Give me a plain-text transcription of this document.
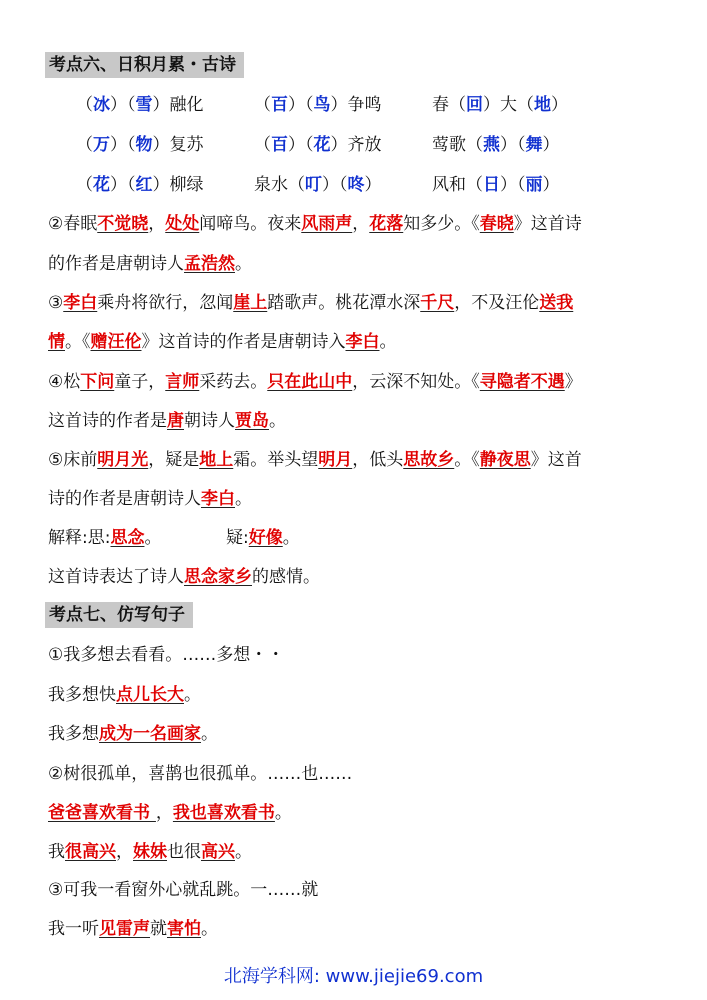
考点六、日积月累・古诗
（冰）（雪）融化	（百）（鸟）争鸣	春（回）大（地）
（万）（物）复苏	（百）（花）齐放	莺歌（燕）（舞）
（花）（红）柳绿	泉水（叮）（咚）	风和（日）（丽）
②春眠不觉晓，处处闻啼鸟。夜来风雨声，花落知多少。《春晓》这首诗
的作者是唐朝诗人孟浩然。
③李白乘舟将欲行，忽闻崖上踏歌声。桃花潭水深千尺，不及汪伦送我
情。《赠汪伦》这首诗的作者是唐朝诗入李白。
④松下问童子，言师采药去。只在此山中，云深不知处。《寻隐者不遇》
这首诗的作者是唐朝诗人贾岛。
⑤床前明月光，疑是地上霜。举头望明月，低头思故乡。《静夜思》这首
诗的作者是唐朝诗人李白。
解释:思:思念。	疑:好像。
这首诗表达了诗人思念家乡的感情。
考点七、仿写句子
①我多想去看看。……多想・・
我多想快点儿长大。
我多想成为一名画家。
②树很孤单，喜鹊也很孤单。……也……
爸爸喜欢看书 ，我也喜欢看书。
我很高兴，妹妹也很高兴。
③可我一看窗外心就乱跳。一……就
我一听见雷声就害怕。
北海学科网: www.jiejie69.com
